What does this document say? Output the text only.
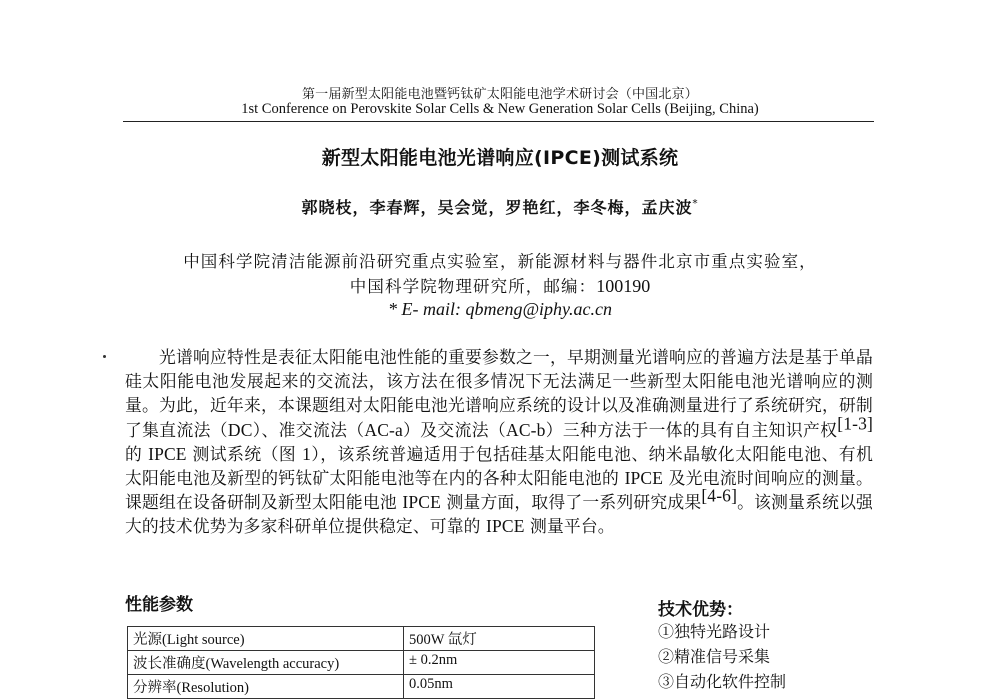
第一届新型太阳能电池暨钙钛矿太阳能电池学术研讨会（中国北京）
1st Conference on Perovskite Solar Cells & New Generation Solar Cells (Beijing, China)
新型太阳能电池光谱响应(IPCE)测试系统
郭晓枝，李春辉，吴会觉，罗艳红，李冬梅，孟庆波*
中国科学院清洁能源前沿研究重点实验室，新能源材料与器件北京市重点实验室，
中国科学院物理研究所，邮编：100190
* E- mail: qbmeng@iphy.ac.cn
光谱响应特性是表征太阳能电池性能的重要参数之一，早期测量光谱响应的普遍方法是基于单晶硅太阳能电池发展起来的交流法，该方法在很多情况下无法满足一些新型太阳能电池光谱响应的测量。为此，近年来，本课题组对太阳能电池光谱响应系统的设计以及准确测量进行了系统研究，研制了集直流法（DC）、准交流法（AC-a）及交流法（AC-b）三种方法于一体的具有自主知识产权[1-3]的 IPCE 测试系统（图 1），该系统普遍适用于包括硅基太阳能电池、纳米晶敏化太阳能电池、有机太阳能电池及新型的钙钛矿太阳能电池等在内的各种太阳能电池的 IPCE 及光电流时间响应的测量。课题组在设备研制及新型太阳能电池 IPCE 测量方面，取得了一系列研究成果[4-6]。该测量系统以强大的技术优势为多家科研单位提供稳定、可靠的 IPCE 测量平台。
性能参数
光源(Light source)	500W 氙灯
波长准确度(Wavelength accuracy)	± 0.2nm
分辨率(Resolution)	0.05nm
技术优势：
①独特光路设计
②精准信号采集
③自动化软件控制
